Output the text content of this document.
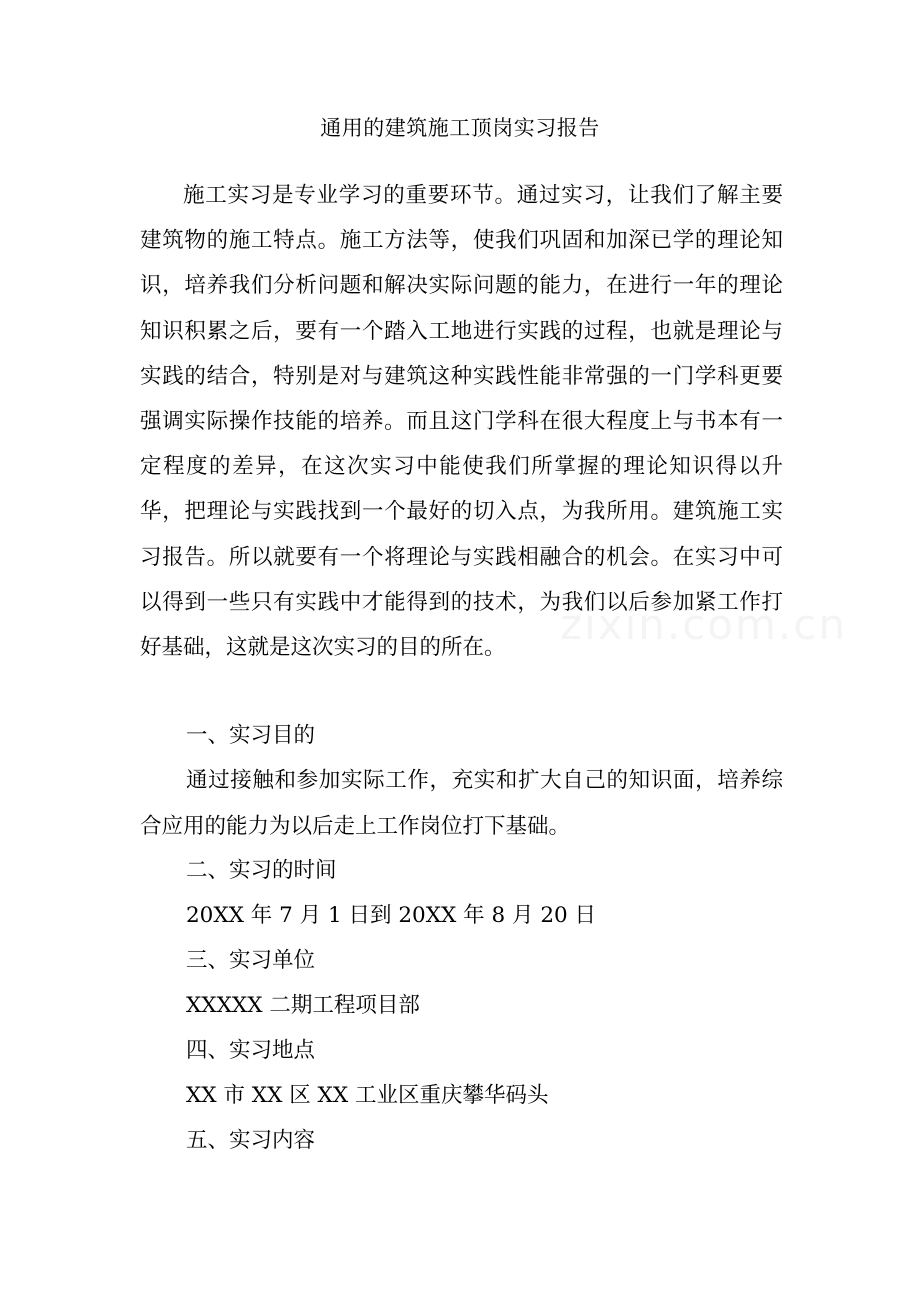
通用的建筑施工顶岗实习报告

施工实习是专业学习的重要环节。通过实习，让我们了解主要建筑物的施工特点。施工方法等，使我们巩固和加深已学的理论知识，培养我们分析问题和解决实际问题的能力，在进行一年的理论知识积累之后，要有一个踏入工地进行实践的过程，也就是理论与实践的结合，特别是对与建筑这种实践性能非常强的一门学科更要强调实际操作技能的培养。而且这门学科在很大程度上与书本有一定程度的差异，在这次实习中能使我们所掌握的理论知识得以升华，把理论与实践找到一个最好的切入点，为我所用。建筑施工实习报告。所以就要有一个将理论与实践相融合的机会。在实习中可以得到一些只有实践中才能得到的技术，为我们以后参加紧工作打好基础，这就是这次实习的目的所在。

一、实习目的

通过接触和参加实际工作，充实和扩大自己的知识面，培养综合应用的能力为以后走上工作岗位打下基础。

二、实习的时间

20XX 年 7 月 1 日到 20XX 年 8 月 20 日

三、实习单位

XXXXX 二期工程项目部

四、实习地点

XX 市 XX 区 XX 工业区重庆攀华码头

五、实习内容

zixin.com.cn
